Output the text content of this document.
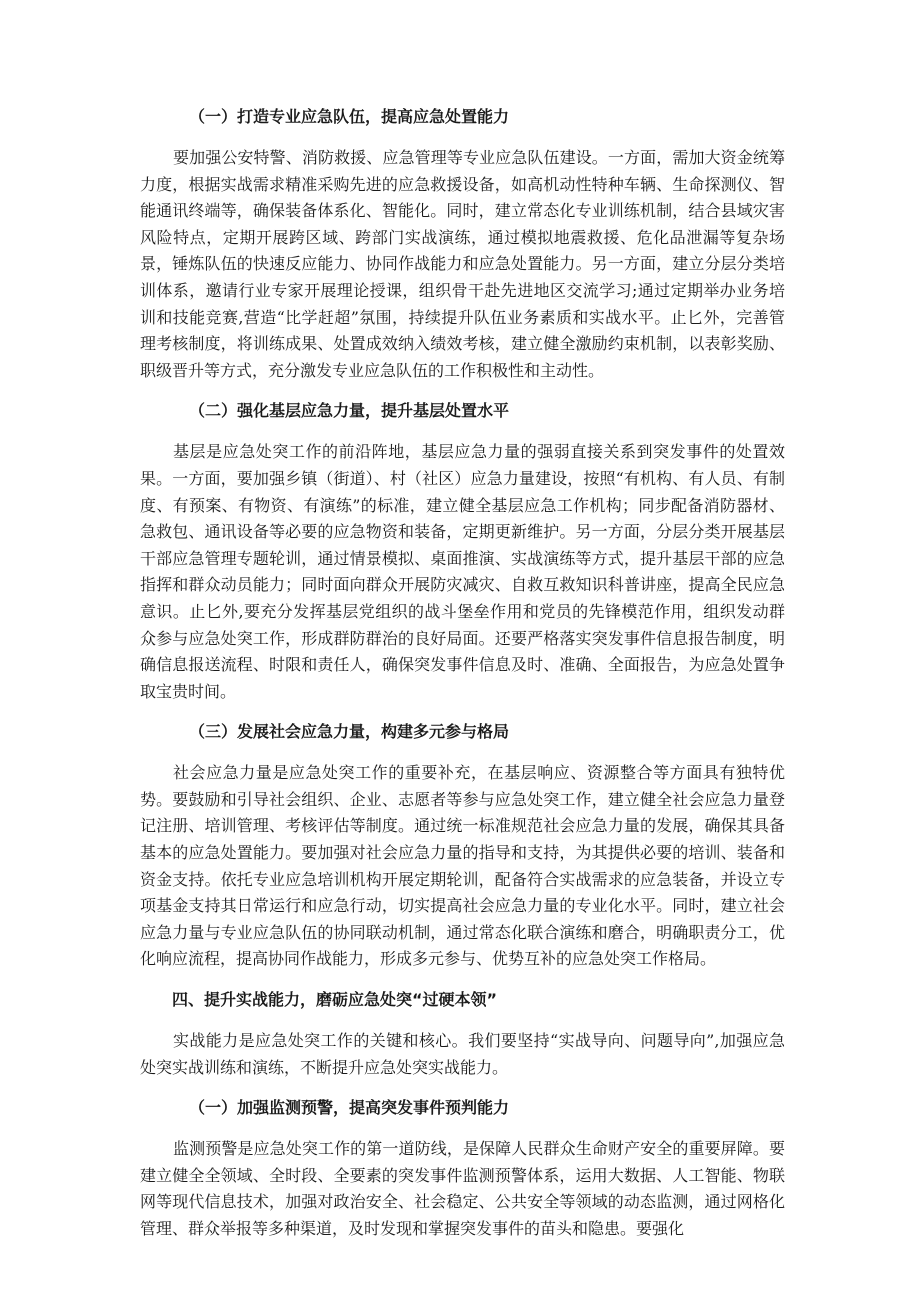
（一）打造专业应急队伍，提高应急处置能力

要加强公安特警、消防救援、应急管理等专业应急队伍建设。一方面，需加大资金统筹力度，根据实战需求精准采购先进的应急救援设备，如高机动性特种车辆、生命探测仪、智能通讯终端等，确保装备体系化、智能化。同时，建立常态化专业训练机制，结合县域灾害风险特点，定期开展跨区域、跨部门实战演练，通过模拟地震救援、危化品泄漏等复杂场景，锤炼队伍的快速反应能力、协同作战能力和应急处置能力。另一方面，建立分层分类培训体系，邀请行业专家开展理论授课，组织骨干赴先进地区交流学习;通过定期举办业务培训和技能竞赛,营造“比学赶超”氛围，持续提升队伍业务素质和实战水平。止匕外，完善管理考核制度，将训练成果、处置成效纳入绩效考核，建立健全激励约束机制，以表彰奖励、职级晋升等方式，充分激发专业应急队伍的工作积极性和主动性。

（二）强化基层应急力量，提升基层处置水平

基层是应急处突工作的前沿阵地，基层应急力量的强弱直接关系到突发事件的处置效果。一方面，要加强乡镇（街道）、村（社区）应急力量建设，按照“有机构、有人员、有制度、有预案、有物资、有演练”的标准，建立健全基层应急工作机构；同步配备消防器材、急救包、通讯设备等必要的应急物资和装备，定期更新维护。另一方面，分层分类开展基层干部应急管理专题轮训，通过情景模拟、桌面推演、实战演练等方式，提升基层干部的应急指挥和群众动员能力；同时面向群众开展防灾减灾、自救互救知识科普讲座，提高全民应急意识。止匕外,要充分发挥基层党组织的战斗堡垒作用和党员的先锋模范作用，组织发动群众参与应急处突工作，形成群防群治的良好局面。还要严格落实突发事件信息报告制度，明确信息报送流程、时限和责任人，确保突发事件信息及时、准确、全面报告，为应急处置争取宝贵时间。

（三）发展社会应急力量，构建多元参与格局

社会应急力量是应急处突工作的重要补充，在基层响应、资源整合等方面具有独特优势。要鼓励和引导社会组织、企业、志愿者等参与应急处突工作，建立健全社会应急力量登记注册、培训管理、考核评估等制度。通过统一标准规范社会应急力量的发展，确保其具备基本的应急处置能力。要加强对社会应急力量的指导和支持，为其提供必要的培训、装备和资金支持。依托专业应急培训机构开展定期轮训，配备符合实战需求的应急装备，并设立专项基金支持其日常运行和应急行动，切实提高社会应急力量的专业化水平。同时，建立社会应急力量与专业应急队伍的协同联动机制，通过常态化联合演练和磨合，明确职责分工，优化响应流程，提高协同作战能力，形成多元参与、优势互补的应急处突工作格局。

四、提升实战能力，磨砺应急处突“过硬本领”

实战能力是应急处突工作的关键和核心。我们要坚持“实战导向、问题导向”,加强应急处突实战训练和演练，不断提升应急处突实战能力。

（一）加强监测预警，提高突发事件预判能力

监测预警是应急处突工作的第一道防线，是保障人民群众生命财产安全的重要屏障。要建立健全全领域、全时段、全要素的突发事件监测预警体系，运用大数据、人工智能、物联网等现代信息技术，加强对政治安全、社会稳定、公共安全等领域的动态监测，通过网格化管理、群众举报等多种渠道，及时发现和掌握突发事件的苗头和隐患。要强化
